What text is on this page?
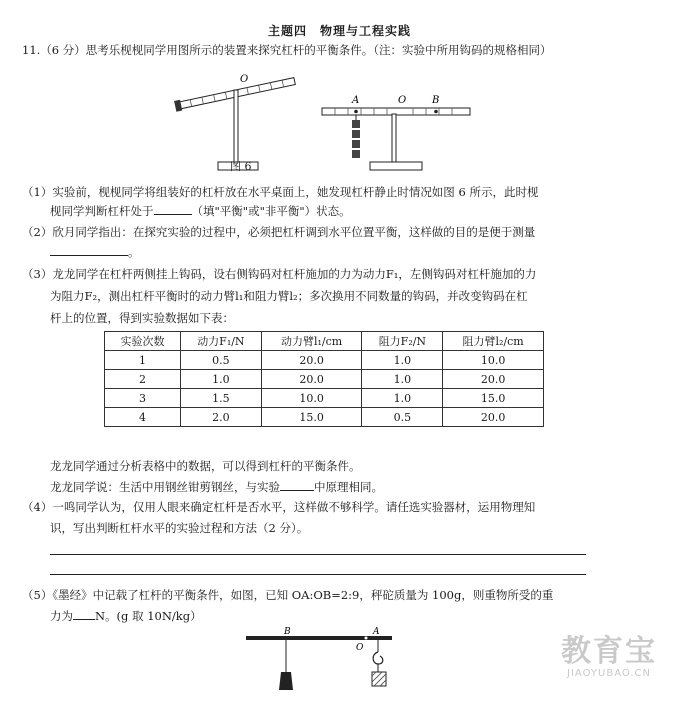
主题四　物理与工程实践
11.（6 分）思考乐枧枧同学用图所示的装置来探究杠杆的平衡条件。（注：实验中所用钩码的规格相同）
O
图 6
A	O	B
（1）实验前，枧枧同学将组装好的杠杆放在水平桌面上，她发现杠杆静止时情况如图 6 所示，此时枧
枧同学判断杠杆处于	（填"平衡"或"非平衡"）状态。
（2）欣月同学指出：在探究实验的过程中，必须把杠杆调到水平位置平衡，这样做的目的是便于测量
。
（3）龙龙同学在杠杆两侧挂上钩码，设右侧钩码对杠杆施加的力为动力F₁，左侧钩码对杠杆施加的力
为阻力F₂，测出杠杆平衡时的动力臂l₁和阻力臂l₂；多次换用不同数量的钩码，并改变钩码在杠
杆上的位置，得到实验数据如下表：
实验次数	动力F₁/N	动力臂l₁/cm	阻力F₂/N	阻力臂l₂/cm
1	0.5	20.0	1.0	10.0
2	1.0	20.0	1.0	20.0
3	1.5	10.0	1.0	15.0
4	2.0	15.0	0.5	20.0
龙龙同学通过分析表格中的数据，可以得到杠杆的平衡条件。
龙龙同学说：生活中用钢丝钳剪钢丝，与实验	中原理相同。
（4）一鸣同学认为，仅用人眼来确定杠杆是否水平，这样做不够科学。请任选实验器材，运用物理知
识，写出判断杠杆水平的实验过程和方法（2 分）。
（5）《墨经》中记载了杠杆的平衡条件，如图，已知 OA:OB=2:9，秤砣质量为 100g，则重物所受的重
力为 N。(g 取 10N/kg）
B
O
A
教育宝
JIAOYUBAO.CN
